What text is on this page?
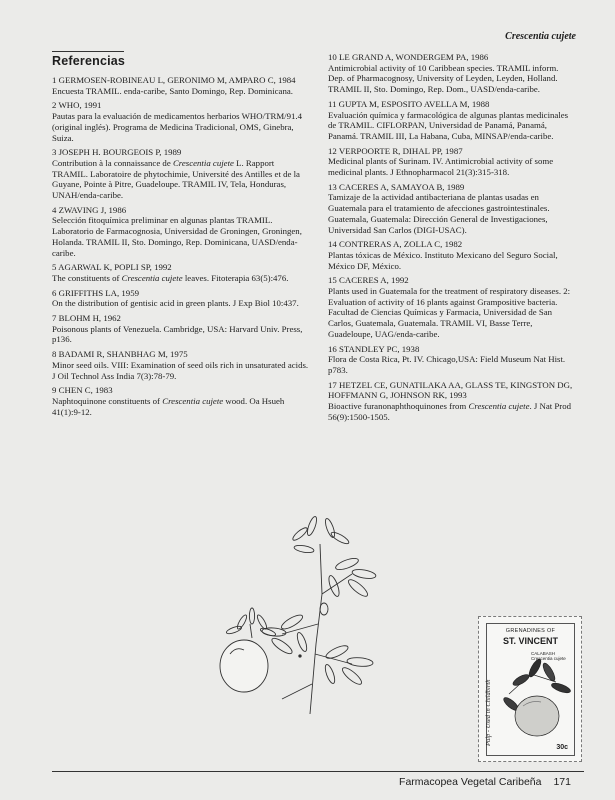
Crescentia cujete
Referencias
1 GERMOSEN-ROBINEAU L, GERONIMO M, AMPARO C, 1984
Encuesta TRAMIL. enda-caribe, Santo Domingo, Rep. Dominicana.
2 WHO, 1991
Pautas para la evaluación de medicamentos herbarios WHO/TRM/91.4 (original inglés). Programa de Medicina Tradicional, OMS, Ginebra, Suiza.
3 JOSEPH H. BOURGEOIS P, 1989
Contribution à la connaissance de Crescentia cujete L. Rapport TRAMIL. Laboratoire de phytochimie, Université des Antilles et de la Guyane, Pointe à Pitre, Guadeloupe. TRAMIL IV, Tela, Honduras, UNAH/enda-caribe.
4 ZWAVING J, 1986
Selección fitoquímica preliminar en algunas plantas TRAMIL. Laboratorio de Farmacognosia, Universidad de Groningen, Groningen, Holanda. TRAMIL II, Sto. Domingo, Rep. Dominicana, UASD/enda-caribe.
5 AGARWAL K, POPLI SP, 1992
The constituents of Crescentia cujete leaves. Fitoterapia 63(5):476.
6 GRIFFITHS LA, 1959
On the distribution of gentisic acid in green plants. J Exp Biol 10:437.
7 BLOHM H, 1962
Poisonous plants of Venezuela. Cambridge, USA: Harvard Univ. Press, p136.
8 BADAMI R, SHANBHAG M, 1975
Minor seed oils. VIII: Examination of seed oils rich in unsaturated acids. J Oil Technol Ass India 7(3):78-79.
9 CHEN C, 1983
Naphtoquinone constituents of Crescentia cujete wood. Oa Hsueh 41(1):9-12.
10 LE GRAND A, WONDERGEM PA, 1986
Antimicrobial activity of 10 Caribbean species. TRAMIL inform. Dep. of Pharmacognosy, University of Leyden, Leyden, Holland. TRAMIL II, Sto. Domingo, Rep. Dom., UASD/enda-caribe.
11 GUPTA M, ESPOSITO AVELLA M, 1988
Evaluación química y farmacológica de algunas plantas medicinales de TRAMIL. CIFLORPAN, Universidad de Panamá, Panamá, Panamá. TRAMIL III, La Habana, Cuba, MINSAP/enda-caribe.
12 VERPOORTE R, DIHAL PP, 1987
Medicinal plants of Surinam. IV. Antimicrobial activity of some medicinal plants. J Ethnopharmacol 21(3):315-318.
13 CACERES A, SAMAYOA B, 1989
Tamizaje de la actividad antibacteriana de plantas usadas en Guatemala para el tratamiento de afecciones gastrointestinales. Guatemala, Guatemala: Dirección General de Investigaciones, Universidad San Carlos (DIGI-USAC).
14 CONTRERAS A, ZOLLA C, 1982
Plantas tóxicas de México. Instituto Mexicano del Seguro Social, México DF, México.
15 CACERES A, 1992
Plants used in Guatemala for the treatment of respiratory diseases. 2: Evaluation of activity of 16 plants against Grampositive bacteria. Facultad de Ciencias Químicas y Farmacia, Universidad de San Carlos, Guatemala, Guatemala. TRAMIL VI, Basse Terre, Guadeloupe, UAG/enda-caribe.
16 STANDLEY PC, 1938
Flora de Costa Rica, Pt. IV. Chicago,USA: Field Museum Nat Hist. p783.
17 HETZEL CE, GUNATILAKA AA, GLASS TE, KINGSTON DG, HOFFMANN G, JOHNSON RK, 1993
Bioactive furanonaphthoquinones from Crescentia cujete. J Nat Prod 56(9):1500-1505.
GRENADINES OF
ST. VINCENT
CALABASH
Crescentia cujete
Pulp - Used in Childbirth
30c
Farmacopea Vegetal Caribeña 171
